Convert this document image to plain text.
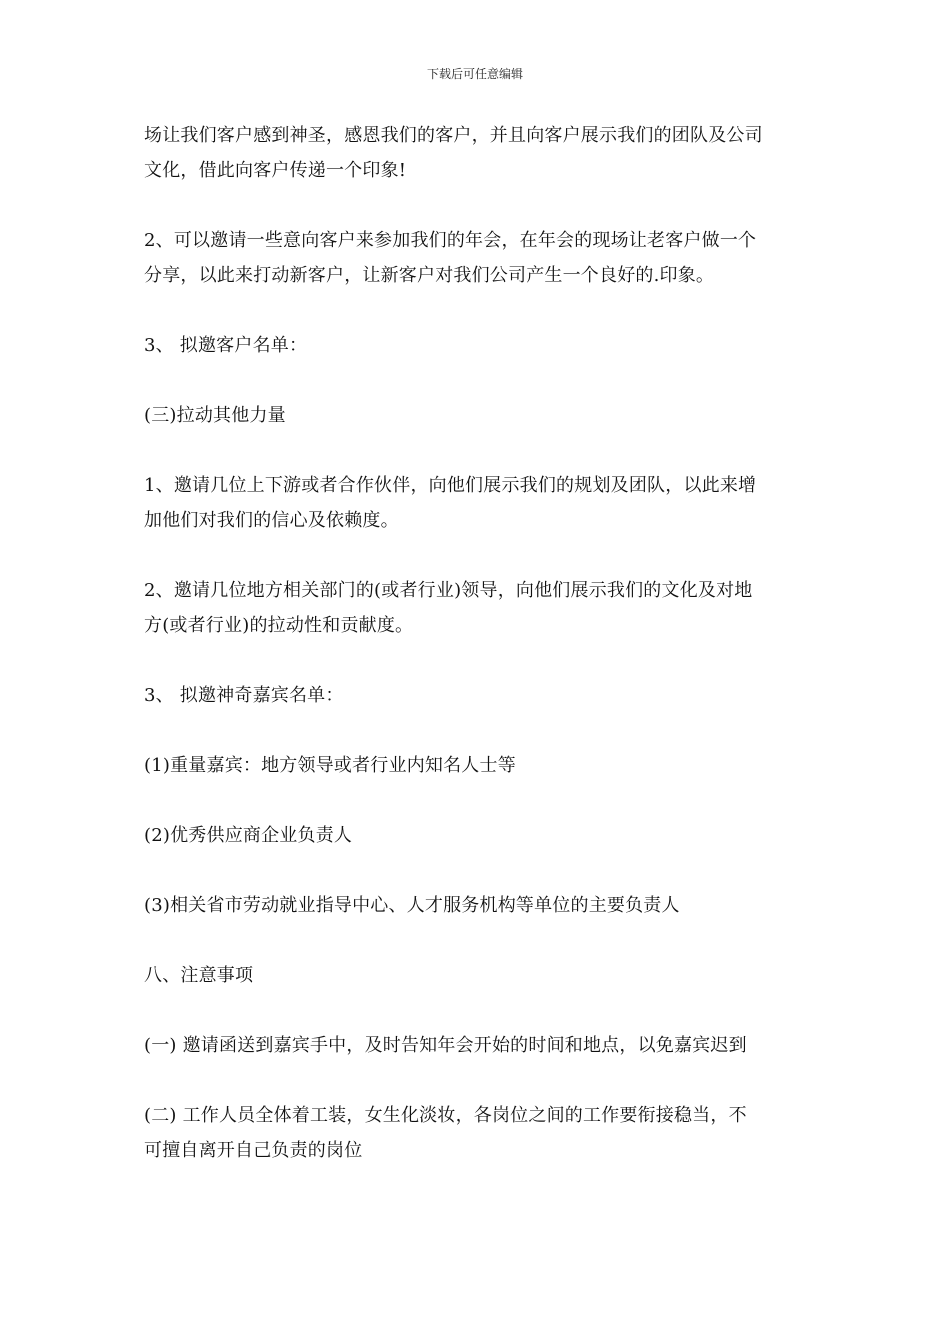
下载后可任意编辑

场让我们客户感到神圣，感恩我们的客户，并且向客户展示我们的团队及公司
文化，借此向客户传递一个印象!

2、可以邀请一些意向客户来参加我们的年会，在年会的现场让老客户做一个
分享，以此来打动新客户，让新客户对我们公司产生一个良好的.印象。

3、 拟邀客户名单：

(三)拉动其他力量

1、邀请几位上下游或者合作伙伴，向他们展示我们的规划及团队，以此来增
加他们对我们的信心及依赖度。

2、邀请几位地方相关部门的(或者行业)领导，向他们展示我们的文化及对地
方(或者行业)的拉动性和贡献度。

3、 拟邀神奇嘉宾名单：

(1)重量嘉宾：地方领导或者行业内知名人士等

(2)优秀供应商企业负责人

(3)相关省市劳动就业指导中心、人才服务机构等单位的主要负责人

八、注意事项

(一) 邀请函送到嘉宾手中，及时告知年会开始的时间和地点，以免嘉宾迟到

(二) 工作人员全体着工装，女生化淡妆，各岗位之间的工作要衔接稳当，不
可擅自离开自己负责的岗位
